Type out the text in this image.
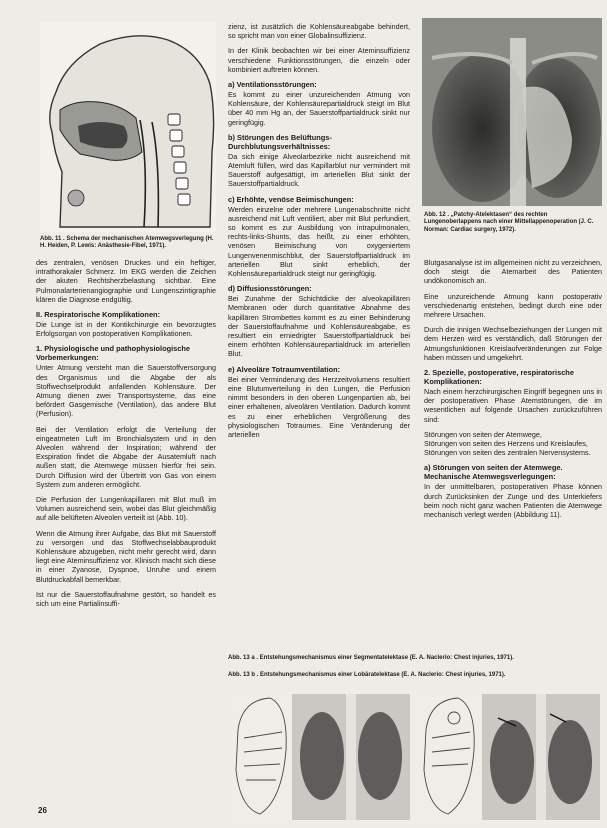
Abb. 11 . Schema der mechanischen Atemwegsverlegung (H. H. Heiden, P. Lewis: Anästhesie-Fibel, 1971).

des zentralen, venösen Druckes und ein heftiger, intrathorakaler Schmerz. Im EKG werden die Zeichen der akuten Rechtsherzbelastung sichtbar. Eine Pulmonalarterienangiographie und Lungenszintigraphie klären die Diagnose endgültig.

II. Respiratorische Komplikationen:

Die Lunge ist in der Kontikchirurgie ein bevorzugtes Erfolgsorgan von postoperativen Komplikationen.

1. Physiologische und pathophysiologische Vorbemerkungen:

Unter Atmung versteht man die Sauerstoffversorgung des Organismus und die Abgabe der als Stoffwechselprodukt anfallenden Kohlensäure. Der Atmung dienen zwei Transportsysteme, das eine befördert Gasgemische (Ventilation), das andere Blut (Perfusion).

Bei der Ventilation erfolgt die Verteilung der eingeatmeten Luft im Bronchialsystem und in den Alveolen während der Inspiration; während der Exspiration findet die Abgabe der Ausatemluft nach außen statt, die Atemwege müssen hierfür frei sein. Durch Diffusion wird der Übertritt von Gas von einem System zum anderen ermöglicht.

Die Perfusion der Lungenkapillaren mit Blut muß im Volumen ausreichend sein, wobei das Blut gleichmäßig auf alle belüfteten Alveolen verteilt ist (Abb. 10).

Wenn die Atmung ihrer Aufgabe, das Blut mit Sauerstoff zu versorgen und das Stoffwechselabbauprodukt Kohlensäure abzugeben, nicht mehr gerecht wird, dann liegt eine Ateminsuffizienz vor. Klinisch macht sich diese in einer Zyanose, Dyspnoe, Unruhe und einem Blutdruckabfall bemerkbar.

Ist nur die Sauerstoffaufnahme gestört, so handelt es sich um eine Partialinsuffi-

zienz, ist zusätzlich die Kohlensäureabgabe behindert, so spricht man von einer Globalinsuffizienz.

In der Klinik beobachten wir bei einer Ateminsuffizienz verschiedene Funktionsstörungen, die einzeln oder kombiniert auftreten können.

a) Ventilationsstörungen:

Es kommt zu einer unzureichenden Atmung von Kohlensäure, der Kohlensäurepartialdruck steigt im Blut über 40 mm Hg an, der Sauerstoffpartialdruck sinkt nur geringfügig.

b) Störungen des Belüftungs-Durchblutungsverhältnisses:

Da sich einige Alveolarbezirke nicht ausreichend mit Atemluft füllen, wird das Kapillarblut nur vermindert mit Sauerstoff aufgesättigt, im arteriellen Blut sinkt der Sauerstoffpartialdruck.

c) Erhöhte, venöse Beimischungen:

Werden einzelne oder mehrere Lungenabschnitte nicht ausreichend mit Luft ventiliert, aber mit Blut perfundiert, so kommt es zur Ausbildung von intrapulmonalen, rechts-links-Shunts, das heißt, zu einer erhöhten, venösen Beimischung von oxygeniertem Lungenvenenmischblut, der Sauerstoffpartialdruck im arteriellen Blut sinkt erheblich, der Kohlensäurepartialdruck steigt nur geringfügig.

d) Diffusionsstörungen:

Bei Zunahme der Schichtdicke der alveokapillären Membranen oder durch quantitative Abnahme des kapillären Strombettes kommt es zu einer Behinderung der Sauerstoffaufnahme und Kohlensäureabgabe, es resultiert ein erniedrigter Sauerstoffpartialdruck bei einem erhöhten Kohlensäurepartialdruck im arteriellen Blut.

e) Alveoläre Totraumventilation:

Bei einer Verminderung des Herzzeitvolumens resultiert eine Blutumverteilung in den Lungen, die Perfusion nimmt besonders in den oberen Lungenpartien ab, bei einer erhaltenen, alveolären Ventilation. Dadurch kommt es zu einer erheblichen Vergrößerung des physiologischen Totraumes. Eine Veränderung der arteriellen

Abb. 12 . „Patchy-Atelektasen“ des rechten Lungenoberlappens nach einer Mittellappenoperation (J. C. Norman: Cardiac surgery, 1972).

Blutgasanalyse ist im allgemeinen nicht zu verzeichnen, doch steigt die Atemarbeit des Patienten undökonomisch an.

Eine unzureichende Atmung kann postoperativ verschiedenartig entstehen, bedingt durch eine oder mehrere Ursachen.

Durch die innigen Wechselbeziehungen der Lungen mit dem Herzen wird es verständlich, daß Störungen der Atmungsfunktionen Kreislaufveränderungen zur Folge haben müssen und umgekehrt.

2. Spezielle, postoperative, respiratorische Komplikationen:

Nach einem herzchirurgischen Eingriff begegnen uns in der postoperativen Phase Atemstörungen, die im wesentlichen auf folgende Ursachen zurückzuführen sind:

Störungen von seiten der Atemwege,
Störungen von seiten des Herzens und Kreislaufes,
Störungen von seiten des zentralen Nervensystems.
a) Störungen von seiten der Atemwege. Mechanische Atemwegsverlegungen:

In der unmittelbaren, postoperativen Phase können durch Zurücksinken der Zunge und des Unterkiefers beim noch nicht ganz wachen Patienten die Atemwege mechanisch verlegt werden (Abbildung 11).

Abb. 13 a . Entstehungsmechanismus einer Segmentatelektase (E. A. Naclerio: Chest injuries, 1971).
Abb. 13 b . Entstehungsmechanismus einer Lobäratelektase (E. A. Naclerio: Chest injuries, 1971).
26
